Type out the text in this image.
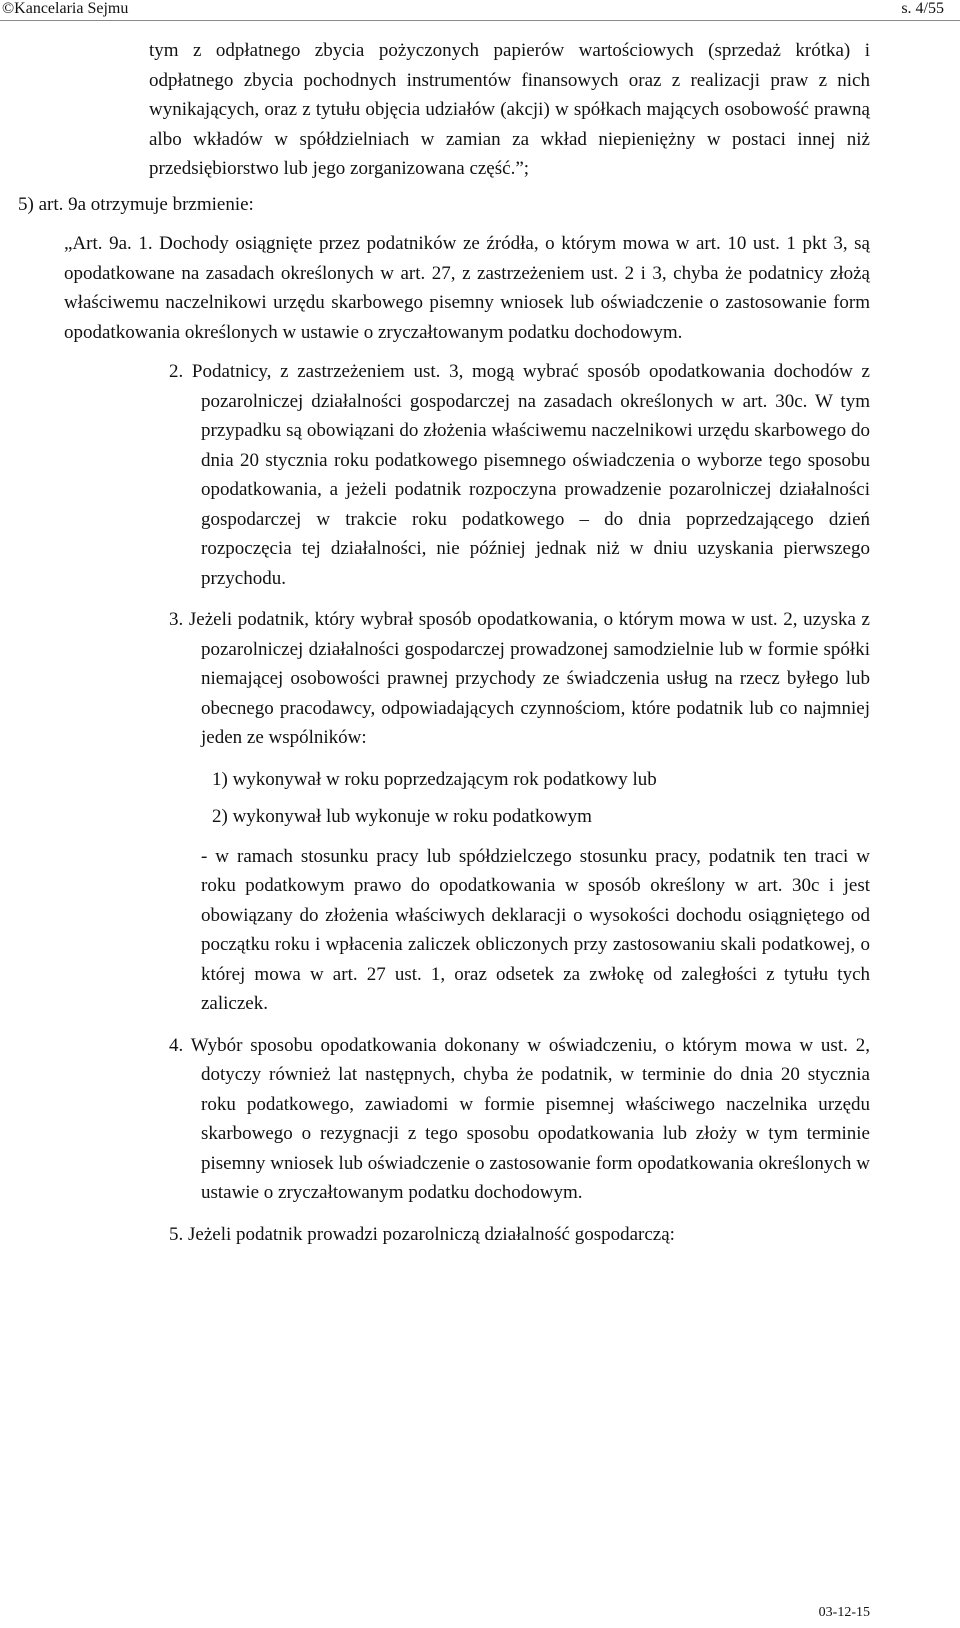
©Kancelaria Sejmu	s. 4/55

tym z odpłatnego zbycia pożyczonych papierów wartościowych (sprzedaż krótka) i odpłatnego zbycia pochodnych instrumentów finansowych oraz z realizacji praw z nich wynikających, oraz z tytułu objęcia udziałów (akcji) w spółkach mających osobowość prawną albo wkładów w spółdzielniach w zamian za wkład niepieniężny w postaci innej niż przedsiębiorstwo lub jego zorganizowana część.”;

5) art. 9a otrzymuje brzmienie:

„Art. 9a. 1. Dochody osiągnięte przez podatników ze źródła, o którym mowa w art. 10 ust. 1 pkt 3, są opodatkowane na zasadach określonych w art. 27, z zastrzeżeniem ust. 2 i 3, chyba że podatnicy złożą właściwemu naczelnikowi urzędu skarbowego pisemny wniosek lub oświadczenie o zastosowanie form opodatkowania określonych w ustawie o zryczałtowanym podatku dochodowym.

2. Podatnicy, z zastrzeżeniem ust. 3, mogą wybrać sposób opodatkowania dochodów z pozarolniczej działalności gospodarczej na zasadach określonych w art. 30c. W tym przypadku są obowiązani do złożenia właściwemu naczelnikowi urzędu skarbowego do dnia 20 stycznia roku podatkowego pisemnego oświadczenia o wyborze tego sposobu opodatkowania, a jeżeli podatnik rozpoczyna prowadzenie pozarolniczej działalności gospodarczej w trakcie roku podatkowego – do dnia poprzedzającego dzień rozpoczęcia tej działalności, nie później jednak niż w dniu uzyskania pierwszego przychodu.

3. Jeżeli podatnik, który wybrał sposób opodatkowania, o którym mowa w ust. 2, uzyska z pozarolniczej działalności gospodarczej prowadzonej samodzielnie lub w formie spółki niemającej osobowości prawnej przychody ze świadczenia usług na rzecz byłego lub obecnego pracodawcy, odpowiadających czynnościom, które podatnik lub co najmniej jeden ze wspólników:

1) wykonywał w roku poprzedzającym rok podatkowy lub

2) wykonywał lub wykonuje w roku podatkowym

- w ramach stosunku pracy lub spółdzielczego stosunku pracy, podatnik ten traci w roku podatkowym prawo do opodatkowania w sposób określony w art. 30c i jest obowiązany do złożenia właściwych deklaracji o wysokości dochodu osiągniętego od początku roku i wpłacenia zaliczek obliczonych przy zastosowaniu skali podatkowej, o której mowa w art. 27 ust. 1, oraz odsetek za zwłokę od zaległości z tytułu tych zaliczek.

4. Wybór sposobu opodatkowania dokonany w oświadczeniu, o którym mowa w ust. 2, dotyczy również lat następnych, chyba że podatnik, w terminie do dnia 20 stycznia roku podatkowego, zawiadomi w formie pisemnej właściwego naczelnika urzędu skarbowego o rezygnacji z tego sposobu opodatkowania lub złoży w tym terminie pisemny wniosek lub oświadczenie o zastosowanie form opodatkowania określonych w ustawie o zryczałtowanym podatku dochodowym.

5. Jeżeli podatnik prowadzi pozarolniczą działalność gospodarczą:

03-12-15
